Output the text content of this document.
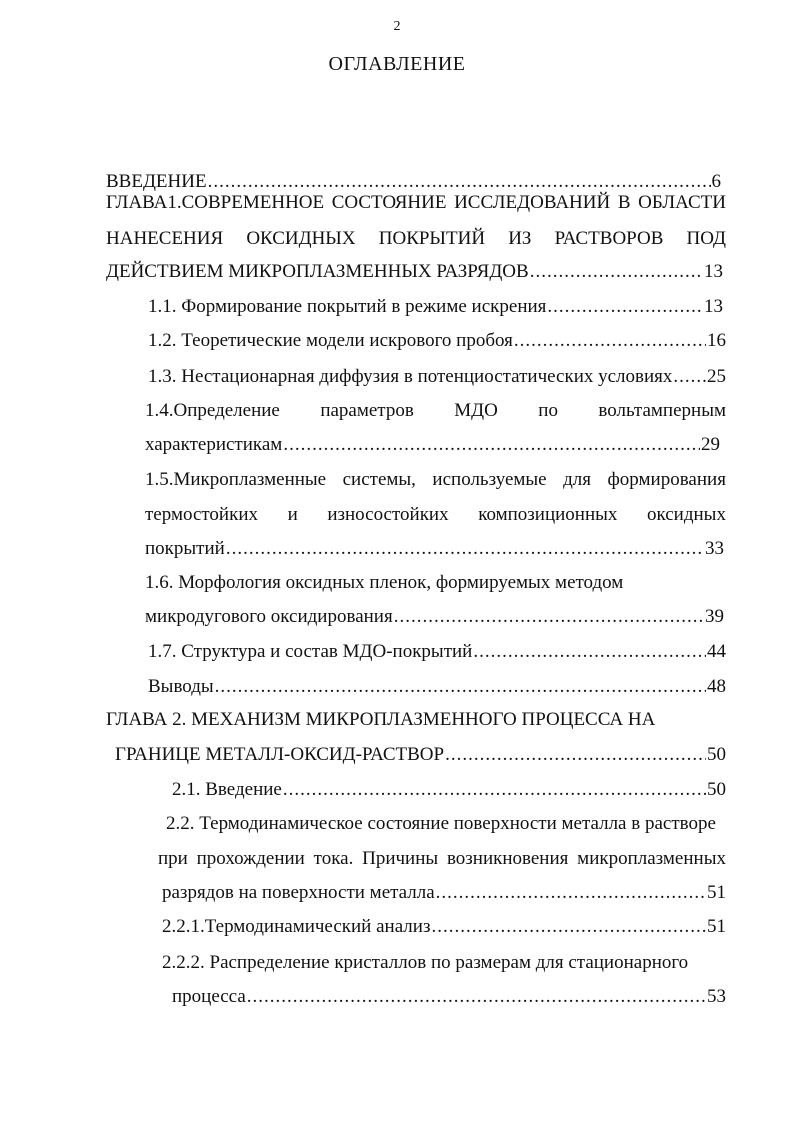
2
ОГЛАВЛЕНИЕ
ВВЕДЕНИЕ .....	6
ГЛАВА1.СОВРЕМЕННОЕ СОСТОЯНИЕ ИССЛЕДОВАНИЙ В ОБЛАСТИ
НАНЕСЕНИЯ ОКСИДНЫХ ПОКРЫТИЙ ИЗ РАСТВОРОВ ПОД
ДЕЙСТВИЕМ МИКРОПЛАЗМЕННЫХ РАЗРЯДОВ .....	13
1.1. Формирование покрытий в режиме искрения .....	13
1.2. Теоретические модели искрового пробоя .....	16
1.3. Нестационарная диффузия в потенциостатических условиях ..... 25
1.4.Определение параметров МДО по вольтамперным
характеристикам .....	29
1.5.Микроплазменные системы, используемые для формирования
термостойких и износостойких композиционных оксидных
покрытий .....	33
1.6. Морфология оксидных пленок, формируемых методом
микродугового оксидирования .....	39
1.7. Структура и состав МДО-покрытий .....	44
Выводы .....	48
ГЛАВА 2. МЕХАНИЗМ МИКРОПЛАЗМЕННОГО ПРОЦЕССА НА
ГРАНИЦЕ МЕТАЛЛ-ОКСИД-РАСТВОР .....	50
2.1. Введение .....	50
2.2. Термодинамическое состояние поверхности металла в растворе
при прохождении тока. Причины возникновения микроплазменных
разрядов на поверхности металла .....	51
2.2.1.Термодинамический анализ .....	51
2.2.2. Распределение кристаллов по размерам для стационарного
процесса .....	53
